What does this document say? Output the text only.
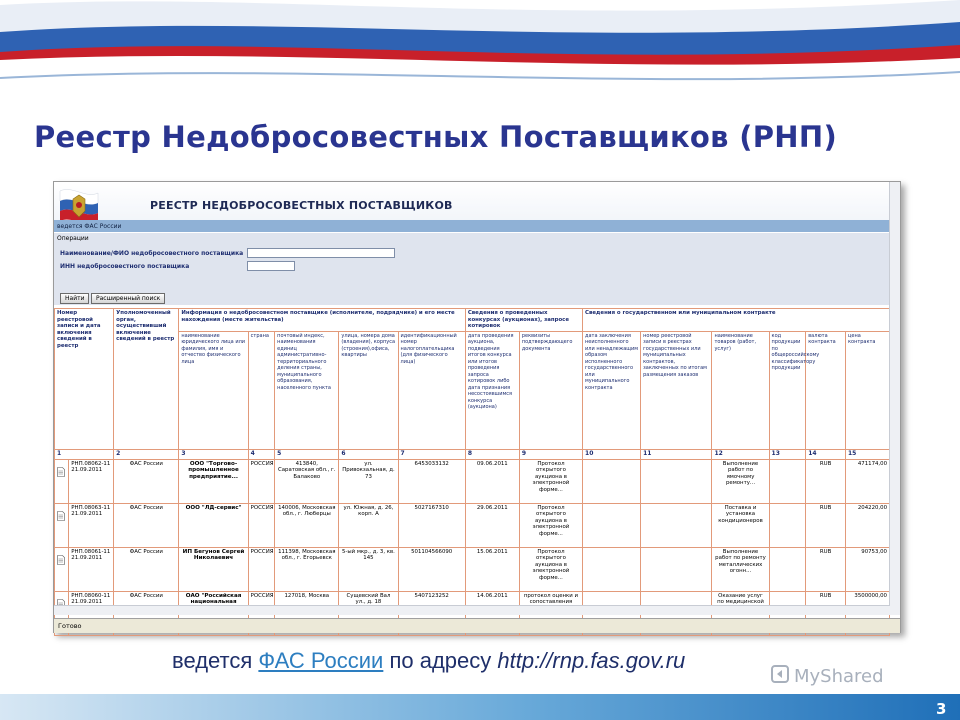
Реестр Недобросовестных Поставщиков (РНП)
РЕЕСТР НЕДОБРОСОВЕСТНЫХ ПОСТАВЩИКОВ
ведется ФАС России
Операции
Наименование/ФИО недобросовестного поставщика
ИНН недобросовестного поставщика
Найти	Расширенный поиск
Номер реестровой записи и дата включения сведений в реестр		Уполномоченный орган, осуществивший включение сведений в реестр	Информация о недобросовестном поставщике (исполнителе, подрядчике) и его месте нахождения (месте жительства)					Сведения о проведенных конкурсах (аукционах), запросе котировок		Сведения о государственном или муниципальном контракте					
			наименование юридического лица или фамилия, имя и отчество физического лица	страна	почтовый индекс, наименования единиц административно-территориального деления страны, муниципального образования, населенного пункта	улица, номера дома (владения), корпуса (строения),офиса, квартиры	идентификационный номер налогоплательщика (для физического лица)	дата проведения аукциона, подведения итогов конкурса или итогов проведения запроса котировок либо дата признания несостоявшимся конкурса (аукциона)	реквизиты подтверждающего документа	дата заключения неисполненного или ненадлежащим образом исполненного государственного или муниципального контракта	номер реестровой записи в реестрах государственных или муниципальных контрактов, заключенных по итогам размещения заказов	наименование товаров (работ, услуг)	код продукции по общероссийскому классификатору продукции	валюта контракта	цена контракта
1		2	3	4	5	6	7	8	9	10	11	12	13	14	15

РНП.08062-11
21.09.2011	ФАС России	ООО "Торгово-промышленное предприятие...	РОССИЯ	413840, Саратовская обл., г. Балаково	ул. Привокзальная, д. 73	6453033132	09.06.2011	Протокол открытого аукциона в электронной форме...			Выполнение работ по ямочному ремонту...		RUB	471174,00

РНП.08063-11
21.09.2011	ФАС России	ООО "ЛД-сервис"	РОССИЯ	140006, Московская обл., г. Люберцы	ул. Южная, д. 26, корп. А	5027167310	29.06.2011	Протокол открытого аукциона в электронной форме...			Поставка и установка кондиционеров		RUB	204220,00

РНП.08061-11
21.09.2011	ФАС России	ИП Бегунов Сергей Николаевич	РОССИЯ	111398, Московская обл., г. Егорьевск	5-ый мкр., д. 3, кв. 145	501104566090	15.06.2011	Протокол открытого аукциона в электронной форме...			Выполнение работ по ремонту металлических огонн...		RUB	90753,00

РНП.08060-11
21.09.2011	ФАС России	ОАО "Российская национальная	РОССИЯ	127018, Москва	Сущевский Вал ул., д. 18	5407123252	14.06.2011	протокол оценки и сопоставления			Оказание услуг по медицинской		RUB	3500000,00
Готово
ведется ФАС России по адресу http://rnp.fas.gov.ru
MyShared
3
